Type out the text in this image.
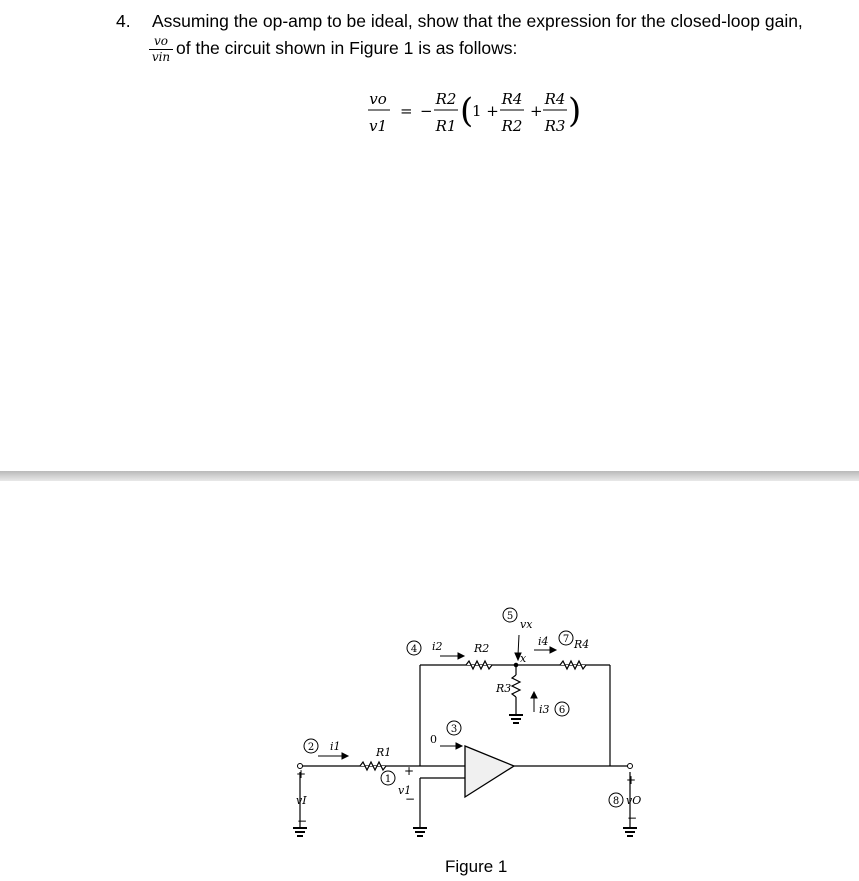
4. Assuming the op-amp to be ideal, show that the expression for the closed-loop gain,
vo
vin of the circuit shown in Figure 1 is as follows:
vo
v1
= −
R2
R1 (
1 +
R4
R2
+
R4
R3 )
2
1
3
4
5
6
7
8
i1	R1
i2	R2
R3
i3
i4 R4
vx
x
0
v1
vI	vO
+
−
+
−
+
−
Figure 1
